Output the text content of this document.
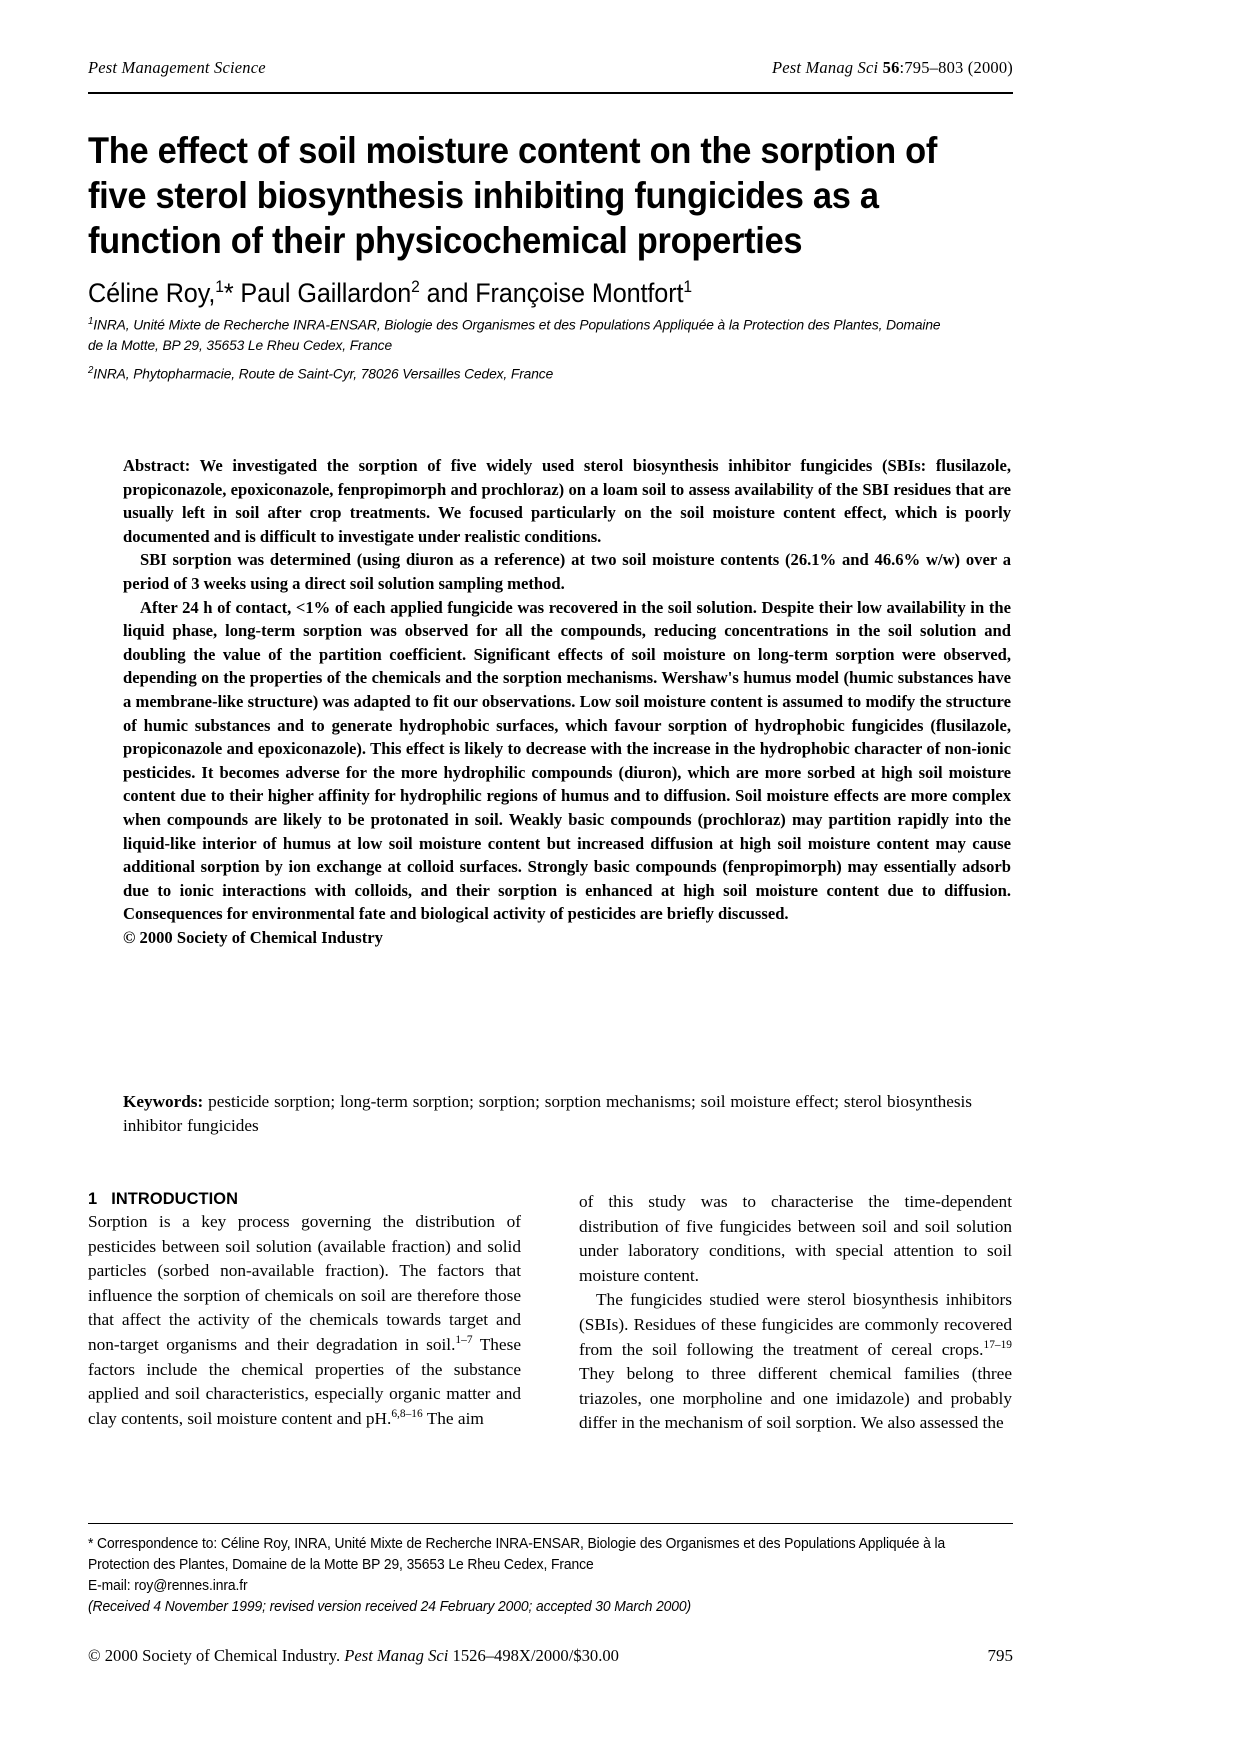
Pest Management Science	Pest Manag Sci 56:795–803 (2000)
The effect of soil moisture content on the sorption of five sterol biosynthesis inhibiting fungicides as a function of their physicochemical properties
Céline Roy,$^1$* Paul Gaillardon$^2$ and Françoise Montfort$^1$
$^1$INRA, Unité Mixte de Recherche INRA-ENSAR, Biologie des Organismes et des Populations Appliquée à la Protection des Plantes, Domaine de la Motte, BP 29, 35653 Le Rheu Cedex, France
$^2$INRA, Phytopharmacie, Route de Saint-Cyr, 78026 Versailles Cedex, France

Abstract: We investigated the sorption of five widely used sterol biosynthesis inhibitor fungicides (SBIs: flusilazole, propiconazole, epoxiconazole, fenpropimorph and prochloraz) on a loam soil to assess availability of the SBI residues that are usually left in soil after crop treatments. We focused particularly on the soil moisture content effect, which is poorly documented and is difficult to investigate under realistic conditions.

SBI sorption was determined (using diuron as a reference) at two soil moisture contents (26.1% and 46.6% w/w) over a period of 3 weeks using a direct soil solution sampling method.

After 24 h of contact, <1% of each applied fungicide was recovered in the soil solution. Despite their low availability in the liquid phase, long-term sorption was observed for all the compounds, reducing concentrations in the soil solution and doubling the value of the partition coefficient. Significant effects of soil moisture on long-term sorption were observed, depending on the properties of the chemicals and the sorption mechanisms. Wershaw's humus model (humic substances have a membrane-like structure) was adapted to fit our observations. Low soil moisture content is assumed to modify the structure of humic substances and to generate hydrophobic surfaces, which favour sorption of hydrophobic fungicides (flusilazole, propiconazole and epoxiconazole). This effect is likely to decrease with the increase in the hydrophobic character of non-ionic pesticides. It becomes adverse for the more hydrophilic compounds (diuron), which are more sorbed at high soil moisture content due to their higher affinity for hydrophilic regions of humus and to diffusion. Soil moisture effects are more complex when compounds are likely to be protonated in soil. Weakly basic compounds (prochloraz) may partition rapidly into the liquid-like interior of humus at low soil moisture content but increased diffusion at high soil moisture content may cause additional sorption by ion exchange at colloid surfaces. Strongly basic compounds (fenpropimorph) may essentially adsorb due to ionic interactions with colloids, and their sorption is enhanced at high soil moisture content due to diffusion. Consequences for environmental fate and biological activity of pesticides are briefly discussed.

© 2000 Society of Chemical Industry

Keywords: pesticide sorption; long-term sorption; sorption; sorption mechanisms; soil moisture effect; sterol biosynthesis inhibitor fungicides
1 INTRODUCTION

Sorption is a key process governing the distribution of pesticides between soil solution (available fraction) and solid particles (sorbed non-available fraction). The factors that influence the sorption of chemicals on soil are therefore those that affect the activity of the chemicals towards target and non-target organisms and their degradation in soil.$^{1-7}$ These factors include the chemical properties of the substance applied and soil characteristics, especially organic matter and clay contents, soil moisture content and pH.$^{6,8-16}$ The aim

of this study was to characterise the time-dependent distribution of five fungicides between soil and soil solution under laboratory conditions, with special attention to soil moisture content.

The fungicides studied were sterol biosynthesis inhibitors (SBIs). Residues of these fungicides are commonly recovered from the soil following the treatment of cereal crops.$^{17-19}$ They belong to three different chemical families (three triazoles, one morpholine and one imidazole) and probably differ in the mechanism of soil sorption. We also assessed the

* Correspondence to: Céline Roy, INRA, Unité Mixte de Recherche INRA-ENSAR, Biologie des Organismes et des Populations Appliquée à la Protection des Plantes, Domaine de la Motte BP 29, 35653 Le Rheu Cedex, France

E-mail: roy@rennes.inra.fr

(Received 4 November 1999; revised version received 24 February 2000; accepted 30 March 2000)

© 2000 Society of Chemical Industry. Pest Manag Sci 1526–498X/2000/$30.00	795
